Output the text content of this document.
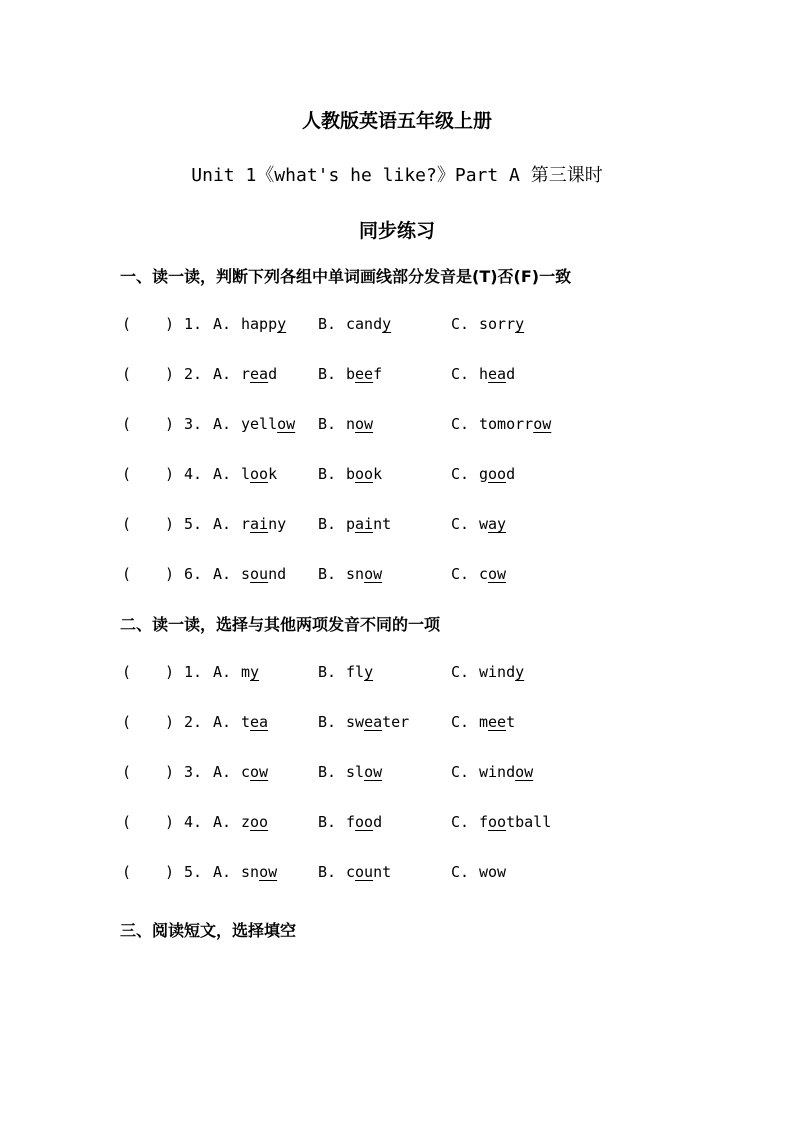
人教版英语五年级上册
Unit 1《what's he like?》Part A 第三课时
同步练习
一、读一读，判断下列各组中单词画线部分发音是(T)否(F)一致
( ) 1. A. happy B. candy	C. sorry
( ) 2. A. read	B. beef	C. head
( ) 3. A. yellow B. now	C. tomorrow
( ) 4. A. look	B. book	C. good
( ) 5. A. rainy B. paint	C. way
( ) 6. A. sound B. snow	C. cow
二、读一读，选择与其他两项发音不同的一项
( ) 1. A. my	B. fly	C. windy
( ) 2. A. tea	B. sweater	C. meet
( ) 3. A. cow	B. slow	C. window
( ) 4. A. zoo	B. food	C. football
( ) 5. A. snow	B. count	C. wow
三、阅读短文，选择填空
